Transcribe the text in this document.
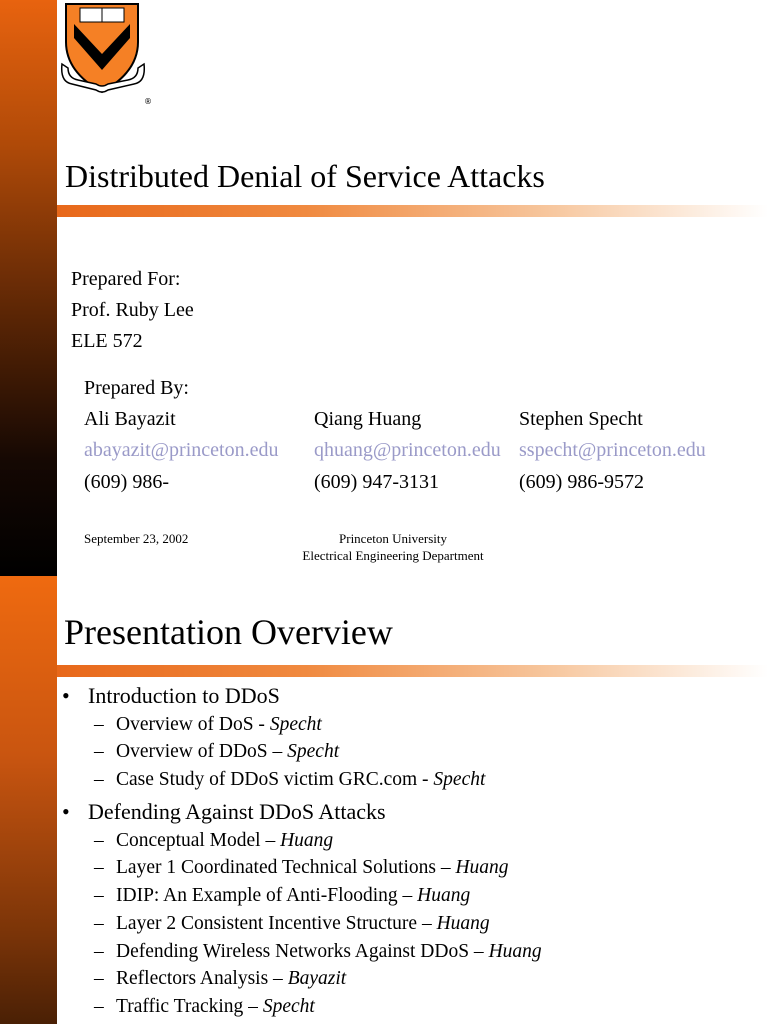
®
Distributed Denial of Service Attacks
Prepared For:
Prof. Ruby Lee
ELE 572
Prepared By:
Ali Bayazit
abayazit@princeton.edu
(609) 986-
Qiang Huang
qhuang@princeton.edu
(609) 947-3131
Stephen Specht
sspecht@princeton.edu
(609) 986-9572
September 23, 2002	Princeton University
Electrical Engineering Department
Presentation Overview
• Introduction to DDoS
– Overview of DoS - Specht
– Overview of DDoS – Specht
– Case Study of DDoS victim GRC.com - Specht
• Defending Against DDoS Attacks
– Conceptual Model – Huang
– Layer 1 Coordinated Technical Solutions – Huang
– IDIP: An Example of Anti-Flooding – Huang
– Layer 2 Consistent Incentive Structure – Huang
– Defending Wireless Networks Against DDoS – Huang
– Reflectors Analysis – Bayazit
– Traffic Tracking – Specht
